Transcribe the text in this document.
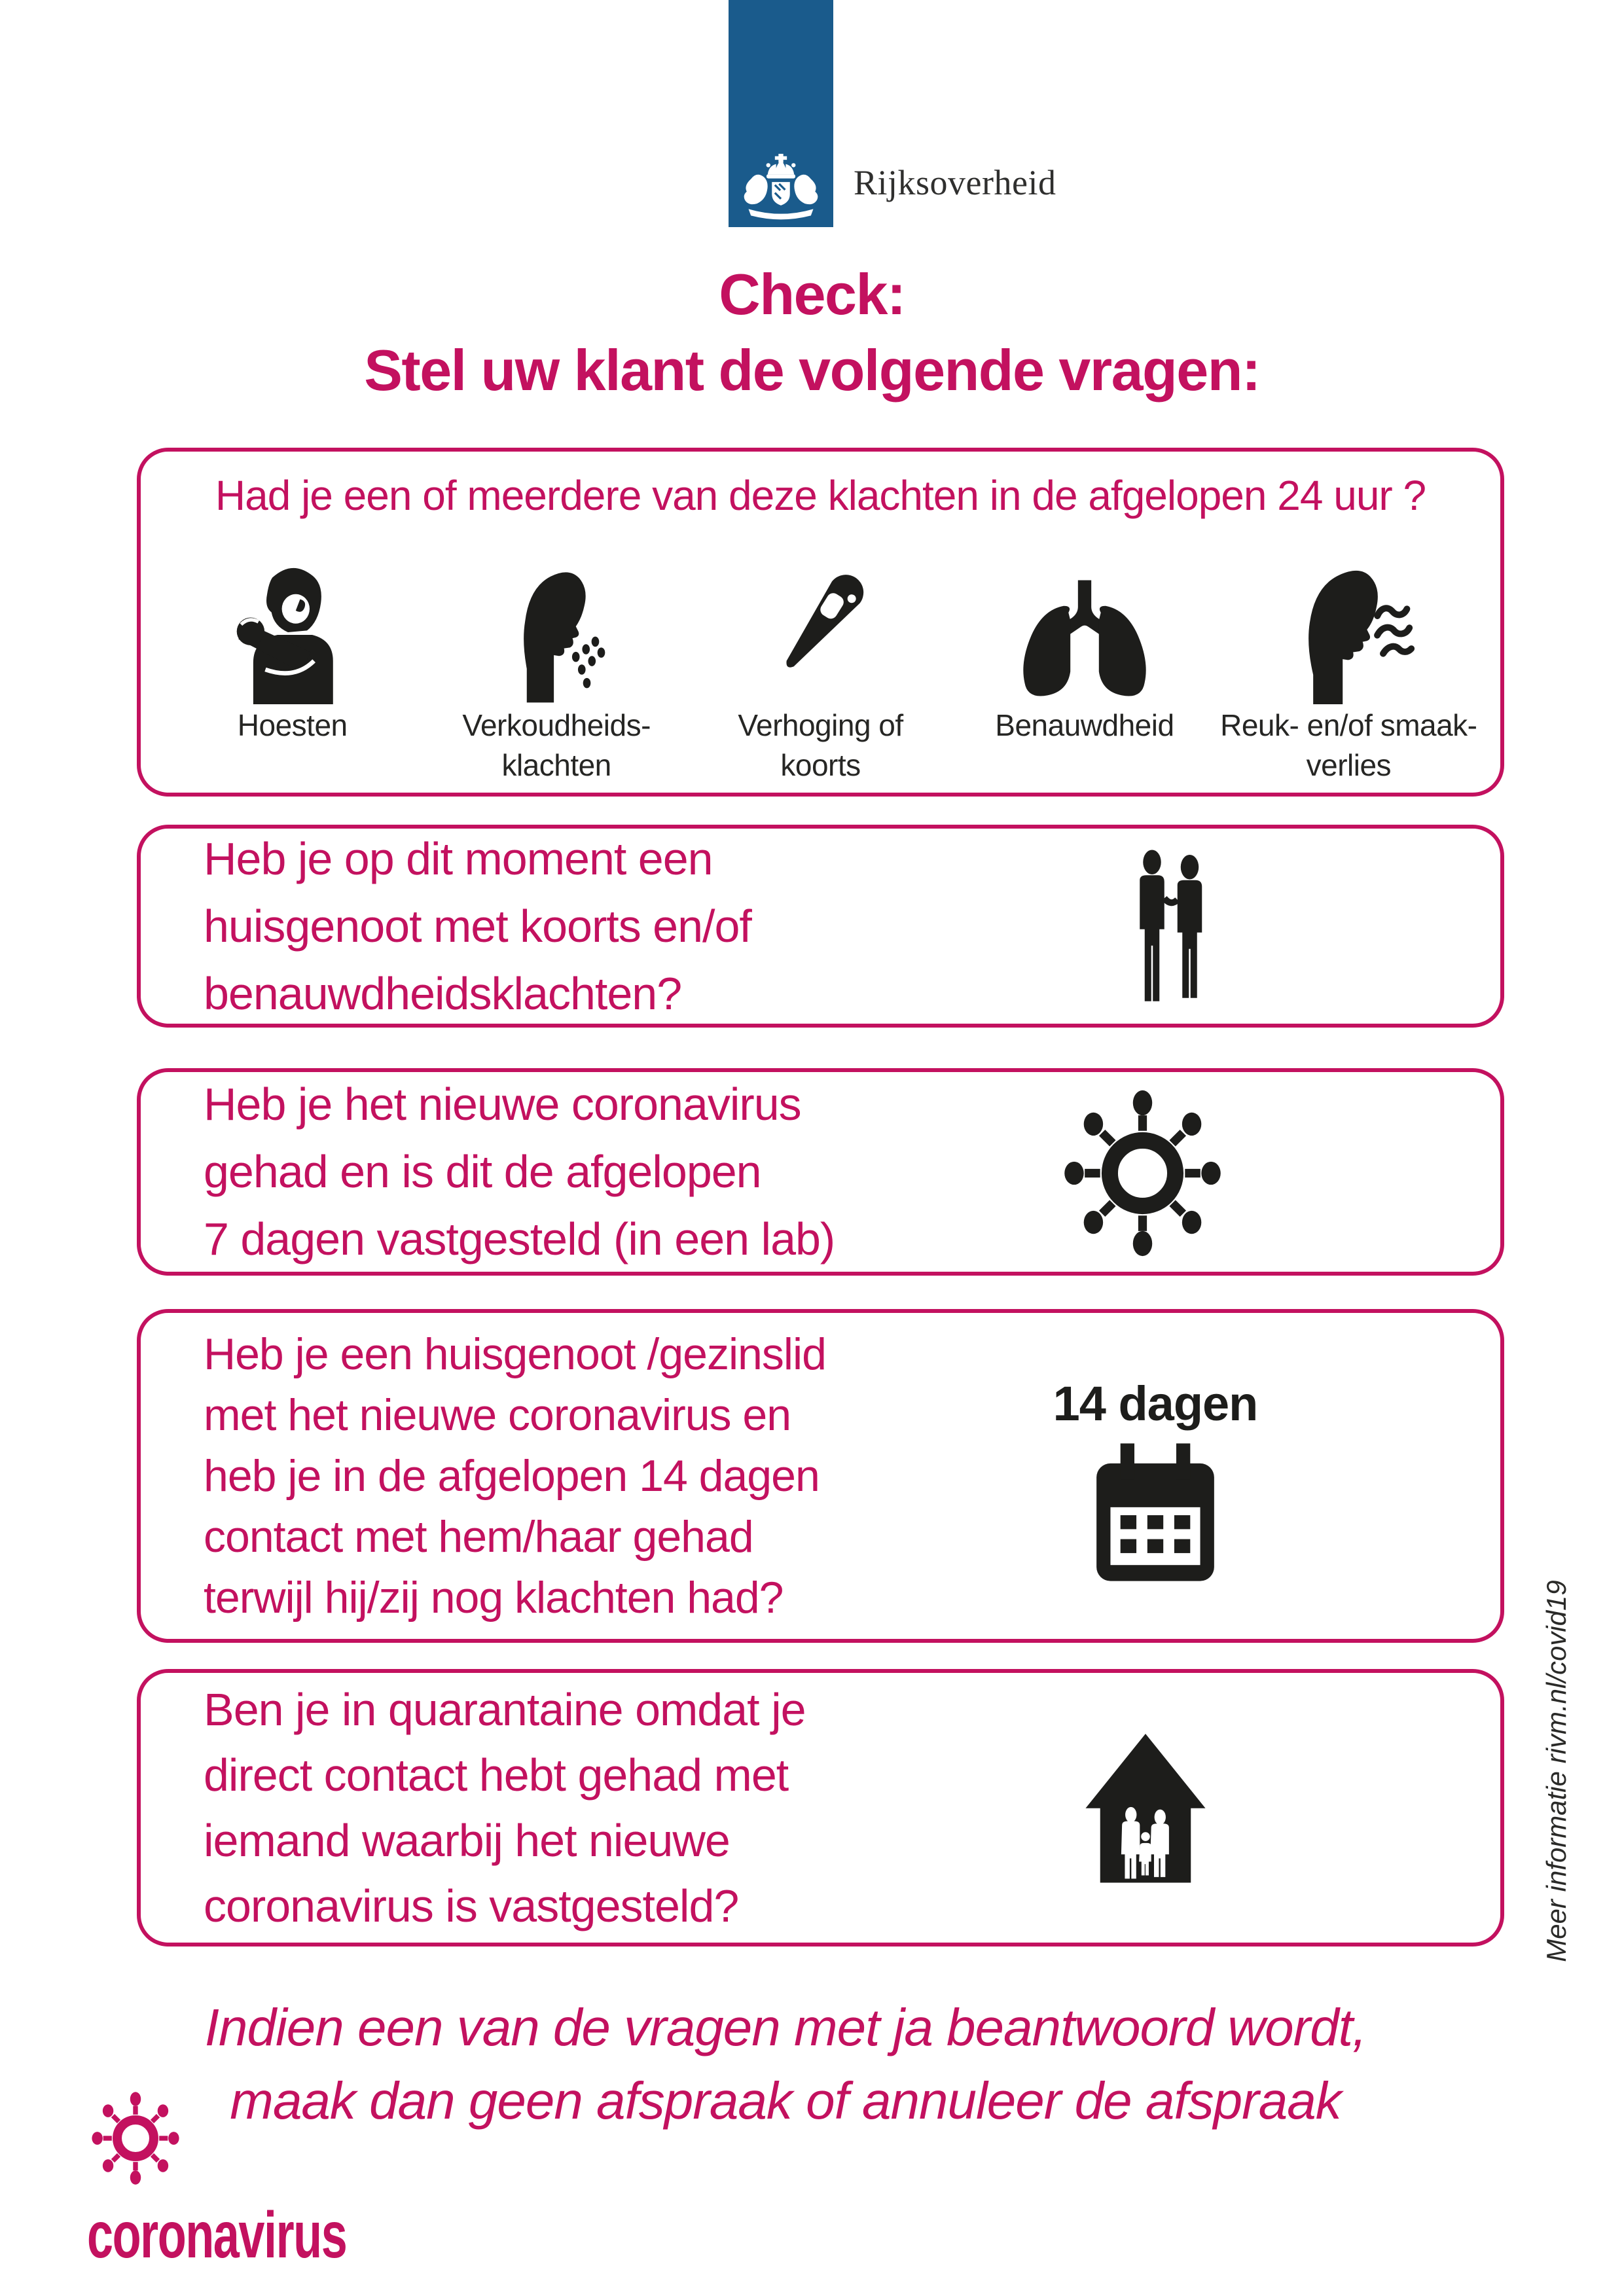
Rijksoverheid
Check:
Stel uw klant de volgende vragen:
Had je een of meerdere van deze klachten in de afgelopen 24 uur ?
Hoesten	Verkoudheids-
klachten
Verhoging of
koorts
Benauwdheid Reuk- en/of smaak-
verlies
Heb je op dit moment een
huisgenoot met koorts en/of
benauwdheidsklachten?
Heb je het nieuwe coronavirus
gehad en is dit de afgelopen
7 dagen vastgesteld (in een lab)
Heb je een huisgenoot /gezinslid
met het nieuwe coronavirus en
heb je in de afgelopen 14 dagen
contact met hem/haar gehad
terwijl hij/zij nog klachten had?
14 dagen
Ben je in quarantaine omdat je
direct contact hebt gehad met
iemand waarbij het nieuwe
coronavirus is vastgesteld?
Indien een van de vragen met ja beantwoord wordt,
maak dan geen afspraak of annuleer de afspraak
Meer informatie rivm.nl/covid19
coronavirus
